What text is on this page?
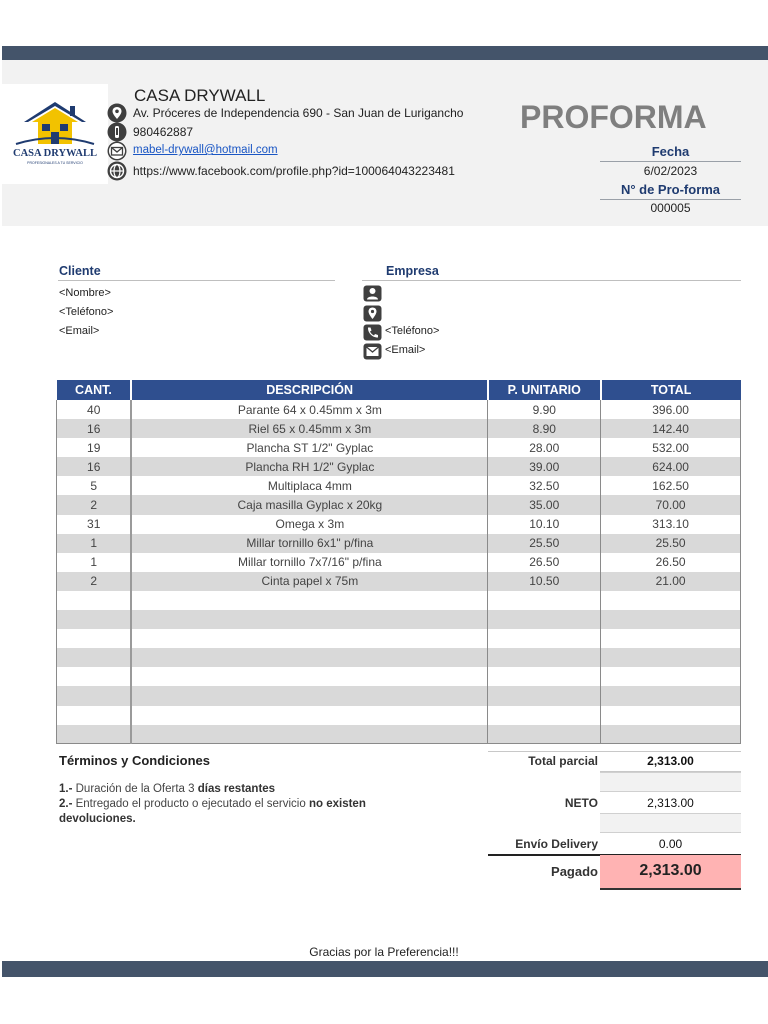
CASA DRYWALL
PROFESIONALES A TU SERVICIO
CASA DRYWALL
Av. Próceres de Independencia 690 - San Juan de Lurigancho
980462887
mabel-drywall@hotmail.com
https://www.facebook.com/profile.php?id=100064043223481
PROFORMA
Fecha
6/02/2023
N° de Pro-forma
000005
Cliente
<Nombre>
<Teléfono>
<Email>
Empresa
<Teléfono>
<Email>
CANT.	DESCRIPCIÓN	P. UNITARIO	TOTAL
40	Parante 64 x 0.45mm x 3m	9.90	396.00
16	Riel 65 x 0.45mm x 3m	8.90	142.40
19	Plancha ST 1/2" Gyplac	28.00	532.00
16	Plancha RH 1/2" Gyplac	39.00	624.00
5	Multiplaca 4mm	32.50	162.50
2	Caja masilla Gyplac x 20kg	35.00	70.00
31	Omega x 3m	10.10	313.10
1	Millar tornillo 6x1" p/fina	25.50	25.50
1	Millar tornillo 7x7/16" p/fina	26.50	26.50
2	Cinta papel x 75m	10.50	21.00

Términos y Condiciones
1.- Duración de la Oferta 3 días restantes
2.- Entregado el producto o ejecutado el servicio no existen devoluciones.
Total parcial	2,313.00
NETO	2,313.00
Envío Delivery	0.00
Pagado	2,313.00
Gracias por la Preferencia!!!
